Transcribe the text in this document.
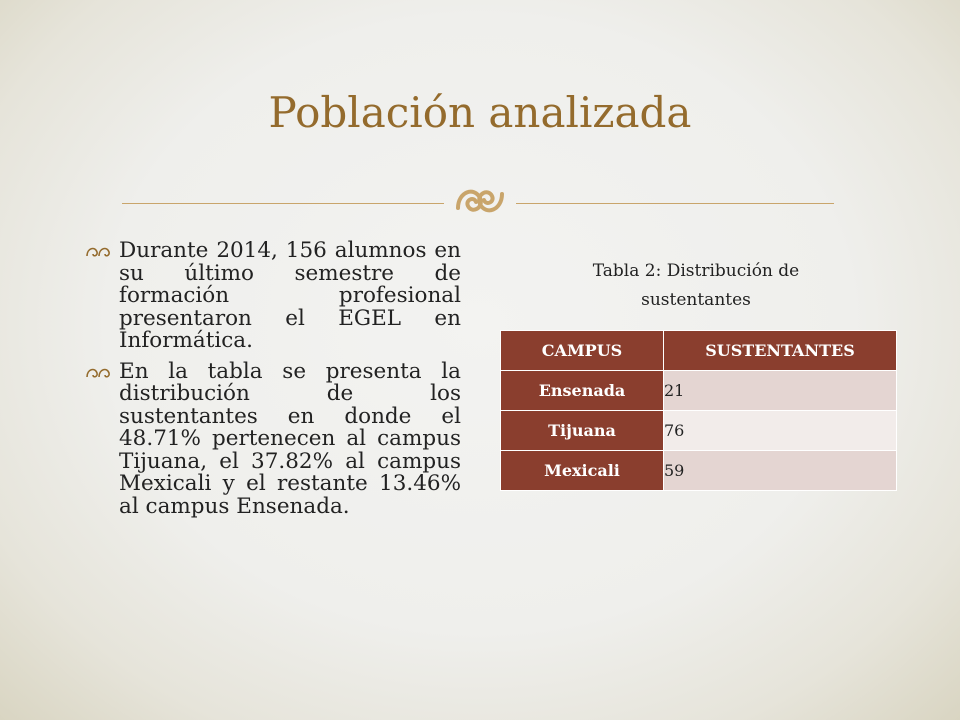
Población analizada
Durante 2014, 156 alumnos en su último semestre de formación profesional presentaron el EGEL en Informática.
En la tabla se presenta la distribución de los sustentantes en donde el 48.71% pertenecen al campus Tijuana, el 37.82% al campus Mexicali y el restante 13.46% al campus Ensenada.
Tabla 2: Distribución de sustentantes
CAMPUS	SUSTENTANTES
Ensenada	21
Tijuana	76
Mexicali	59
